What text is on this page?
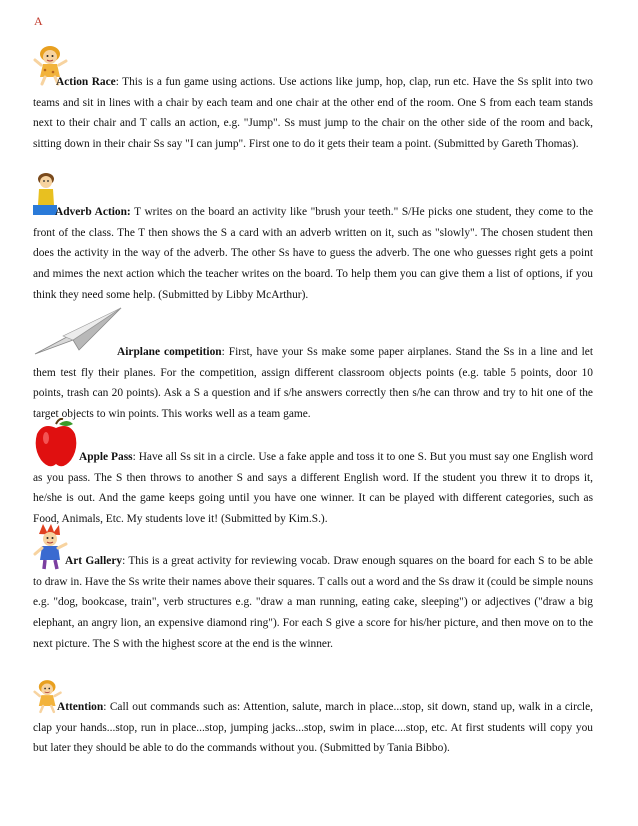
A

Action Race: This is a fun game using actions. Use actions like jump, hop, clap, run etc. Have the Ss split into two teams and sit in lines with a chair by each team and one chair at the other end of the room. One S from each team stands next to their chair and T calls an action, e.g. "Jump". Ss must jump to the chair on the other side of the room and back, sitting down in their chair Ss say "I can jump". First one to do it gets their team a point. (Submitted by Gareth Thomas).

Adverb Action: T writes on the board an activity like "brush your teeth." S/He picks one student, they come to the front of the class. The T then shows the S a card with an adverb written on it, such as "slowly". The chosen student then does the activity in the way of the adverb. The other Ss have to guess the adverb. The one who guesses right gets a point and mimes the next action which the teacher writes on the board. To help them you can give them a list of options, if you think they need some help. (Submitted by Libby McArthur).

Airplane competition: First, have your Ss make some paper airplanes. Stand the Ss in a line and let them test fly their planes. For the competition, assign different classroom objects points (e.g. table 5 points, door 10 points, trash can 20 points). Ask a S a question and if s/he answers correctly then s/he can throw and try to hit one of the target objects to win points. This works well as a team game.

Apple Pass: Have all Ss sit in a circle. Use a fake apple and toss it to one S. But you must say one English word as you pass. The S then throws to another S and says a different English word. If the student you threw it to drops it, he/she is out. And the game keeps going until you have one winner. It can be played with different categories, such as Food, Animals, Etc. My students love it! (Submitted by Kim.S.).

Art Gallery: This is a great activity for reviewing vocab. Draw enough squares on the board for each S to be able to draw in. Have the Ss write their names above their squares. T calls out a word and the Ss draw it (could be simple nouns e.g. "dog, bookcase, train", verb structures e.g. "draw a man running, eating cake, sleeping") or adjectives ("draw a big elephant, an angry lion, an expensive diamond ring"). For each S give a score for his/her picture, and then move on to the next picture. The S with the highest score at the end is the winner.

Attention: Call out commands such as: Attention, salute, march in place...stop, sit down, stand up, walk in a circle, clap your hands...stop, run in place...stop, jumping jacks...stop, swim in place....stop, etc. At first students will copy you but later they should be able to do the commands without you. (Submitted by Tania Bibbo).
